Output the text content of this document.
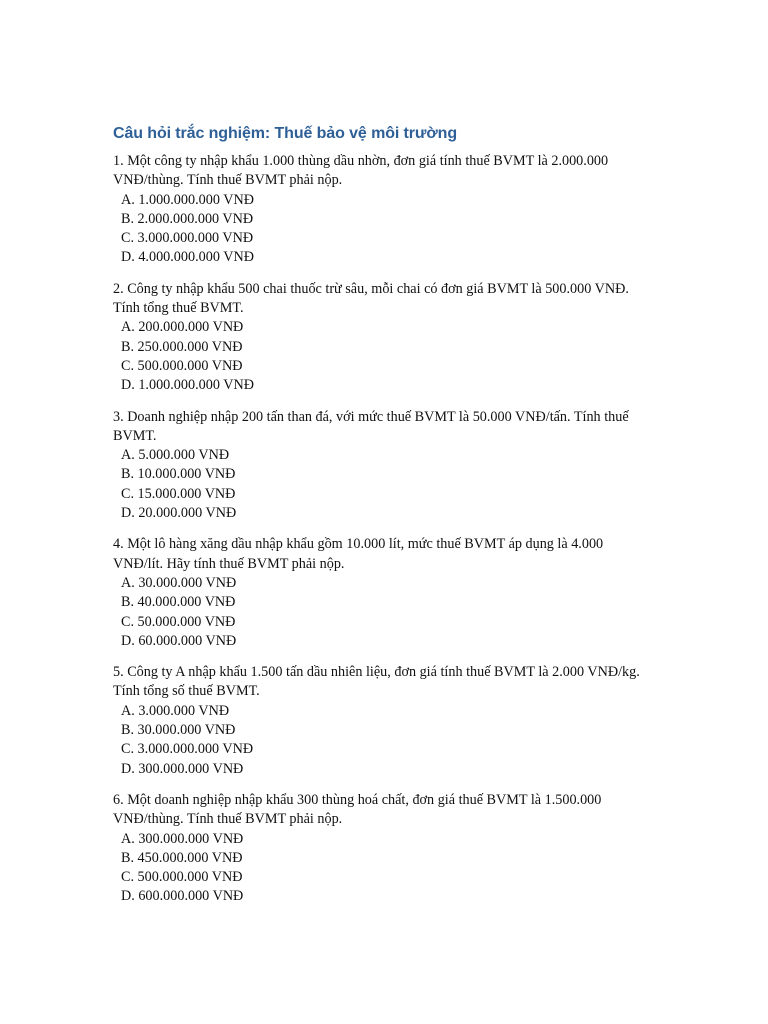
Câu hỏi trắc nghiệm: Thuế bảo vệ môi trường

1. Một công ty nhập khẩu 1.000 thùng dầu nhờn, đơn giá tính thuế BVMT là 2.000.000 VNĐ/thùng. Tính thuế BVMT phải nộp.

A. 1.000.000.000 VNĐ
B. 2.000.000.000 VNĐ
C. 3.000.000.000 VNĐ
D. 4.000.000.000 VNĐ

2. Công ty nhập khẩu 500 chai thuốc trừ sâu, mỗi chai có đơn giá BVMT là 500.000 VNĐ. Tính tổng thuế BVMT.

A. 200.000.000 VNĐ
B. 250.000.000 VNĐ
C. 500.000.000 VNĐ
D. 1.000.000.000 VNĐ

3. Doanh nghiệp nhập 200 tấn than đá, với mức thuế BVMT là 50.000 VNĐ/tấn. Tính thuế BVMT.

A. 5.000.000 VNĐ
B. 10.000.000 VNĐ
C. 15.000.000 VNĐ
D. 20.000.000 VNĐ

4. Một lô hàng xăng dầu nhập khẩu gồm 10.000 lít, mức thuế BVMT áp dụng là 4.000 VNĐ/lít. Hãy tính thuế BVMT phải nộp.

A. 30.000.000 VNĐ
B. 40.000.000 VNĐ
C. 50.000.000 VNĐ
D. 60.000.000 VNĐ

5. Công ty A nhập khẩu 1.500 tấn dầu nhiên liệu, đơn giá tính thuế BVMT là 2.000 VNĐ/kg. Tính tổng số thuế BVMT.

A. 3.000.000 VNĐ
B. 30.000.000 VNĐ
C. 3.000.000.000 VNĐ
D. 300.000.000 VNĐ

6. Một doanh nghiệp nhập khẩu 300 thùng hoá chất, đơn giá thuế BVMT là 1.500.000 VNĐ/thùng. Tính thuế BVMT phải nộp.

A. 300.000.000 VNĐ
B. 450.000.000 VNĐ
C. 500.000.000 VNĐ
D. 600.000.000 VNĐ
